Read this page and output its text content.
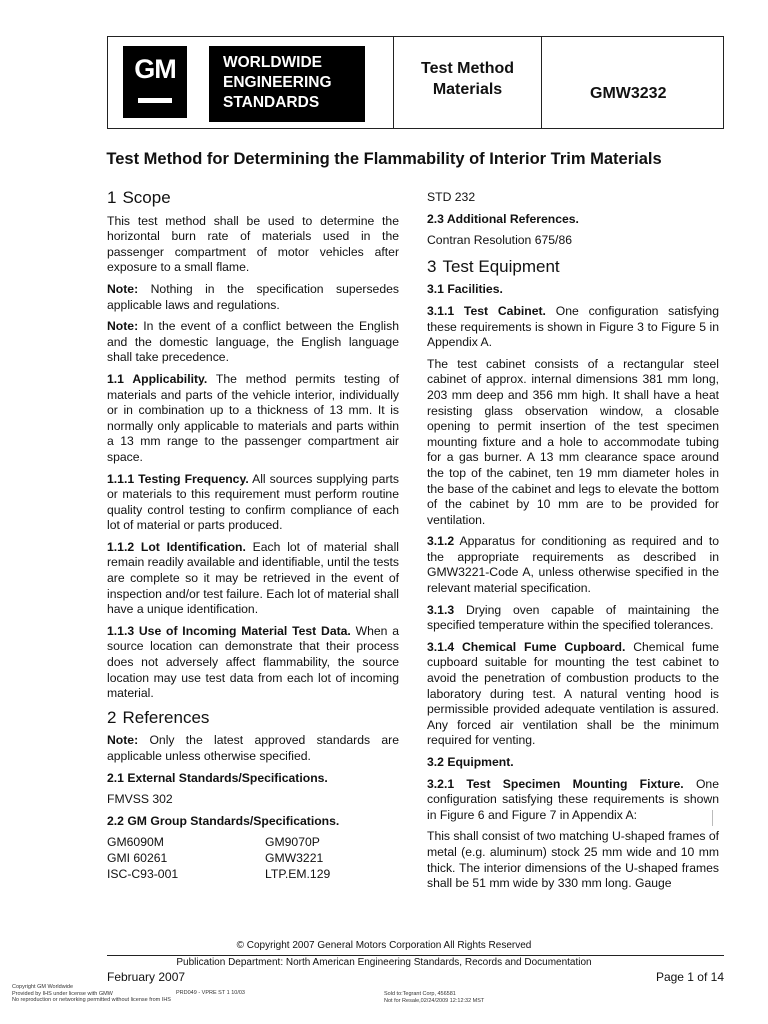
GM	WORLDWIDE
ENGINEERING
STANDARDS
Test Method
Materials	GMW3232
Test Method for Determining the Flammability of Interior Trim Materials
1 Scope

This test method shall be used to determine the horizontal burn rate of materials used in the passenger compartment of motor vehicles after exposure to a small flame.

Note: Nothing in the specification supersedes applicable laws and regulations.

Note: In the event of a conflict between the English and the domestic language, the English language shall take precedence.

1.1 Applicability. The method permits testing of materials and parts of the vehicle interior, individually or in combination up to a thickness of 13 mm. It is normally only applicable to materials and parts within a 13 mm range to the passenger compartment air space.

1.1.1 Testing Frequency. All sources supplying parts or materials to this requirement must perform routine quality control testing to confirm compliance of each lot of material or parts produced.

1.1.2 Lot Identification. Each lot of material shall remain readily available and identifiable, until the tests are complete so it may be retrieved in the event of inspection and/or test failure. Each lot of material shall have a unique identification.

1.1.3 Use of Incoming Material Test Data. When a source location can demonstrate that their process does not adversely affect flammability, the source location may use test data from each lot of incoming material.

2 References

Note: Only the latest approved standards are applicable unless otherwise specified.

2.1 External Standards/Specifications.
FMVSS 302
2.2 GM Group Standards/Specifications.
GM6090M	GM9070P
GMI 60261	GMW3221
ISC-C93-001	LTP.EM.129
STD 232
2.3 Additional References.
Contran Resolution 675/86
3 Test Equipment
3.1 Facilities.

3.1.1 Test Cabinet. One configuration satisfying these requirements is shown in Figure 3 to Figure 5 in Appendix A.

The test cabinet consists of a rectangular steel cabinet of approx. internal dimensions 381 mm long, 203 mm deep and 356 mm high. It shall have a heat resisting glass observation window, a closable opening to permit insertion of the test specimen mounting fixture and a hole to accommodate tubing for a gas burner. A 13 mm clearance space around the top of the cabinet, ten 19 mm diameter holes in the base of the cabinet and legs to elevate the bottom of the cabinet by 10 mm are to be provided for ventilation.

3.1.2 Apparatus for conditioning as required and to the appropriate requirements as described in GMW3221-Code A, unless otherwise specified in the relevant material specification.

3.1.3 Drying oven capable of maintaining the specified temperature within the specified tolerances.

3.1.4 Chemical Fume Cupboard. Chemical fume cupboard suitable for mounting the test cabinet to avoid the penetration of combustion products to the laboratory during test. A natural venting hood is permissible provided adequate ventilation is assured. Any forced air ventilation shall be the minimum required for venting.

3.2 Equipment.

3.2.1 Test Specimen Mounting Fixture. One configuration satisfying these requirements is shown in Figure 6 and Figure 7 in Appendix A:

This shall consist of two matching U-shaped frames of metal (e.g. aluminum) stock 25 mm wide and 10 mm thick. The interior dimensions of the U-shaped frames shall be 51 mm wide by 330 mm long. Gauge

© Copyright 2007 General Motors Corporation All Rights Reserved
Publication Department: North American Engineering Standards, Records and Documentation
February 2007	Page 1 of 14
Copyright GM Worldwide
Provided by IHS under license with GMW
No reproduction or networking permitted without license from IHS
PRD049 - VPRE ST 1 10/03	Sold to:Tegrant Corp, 456581
Not for Resale,02/24/2009 12:12:32 MST
